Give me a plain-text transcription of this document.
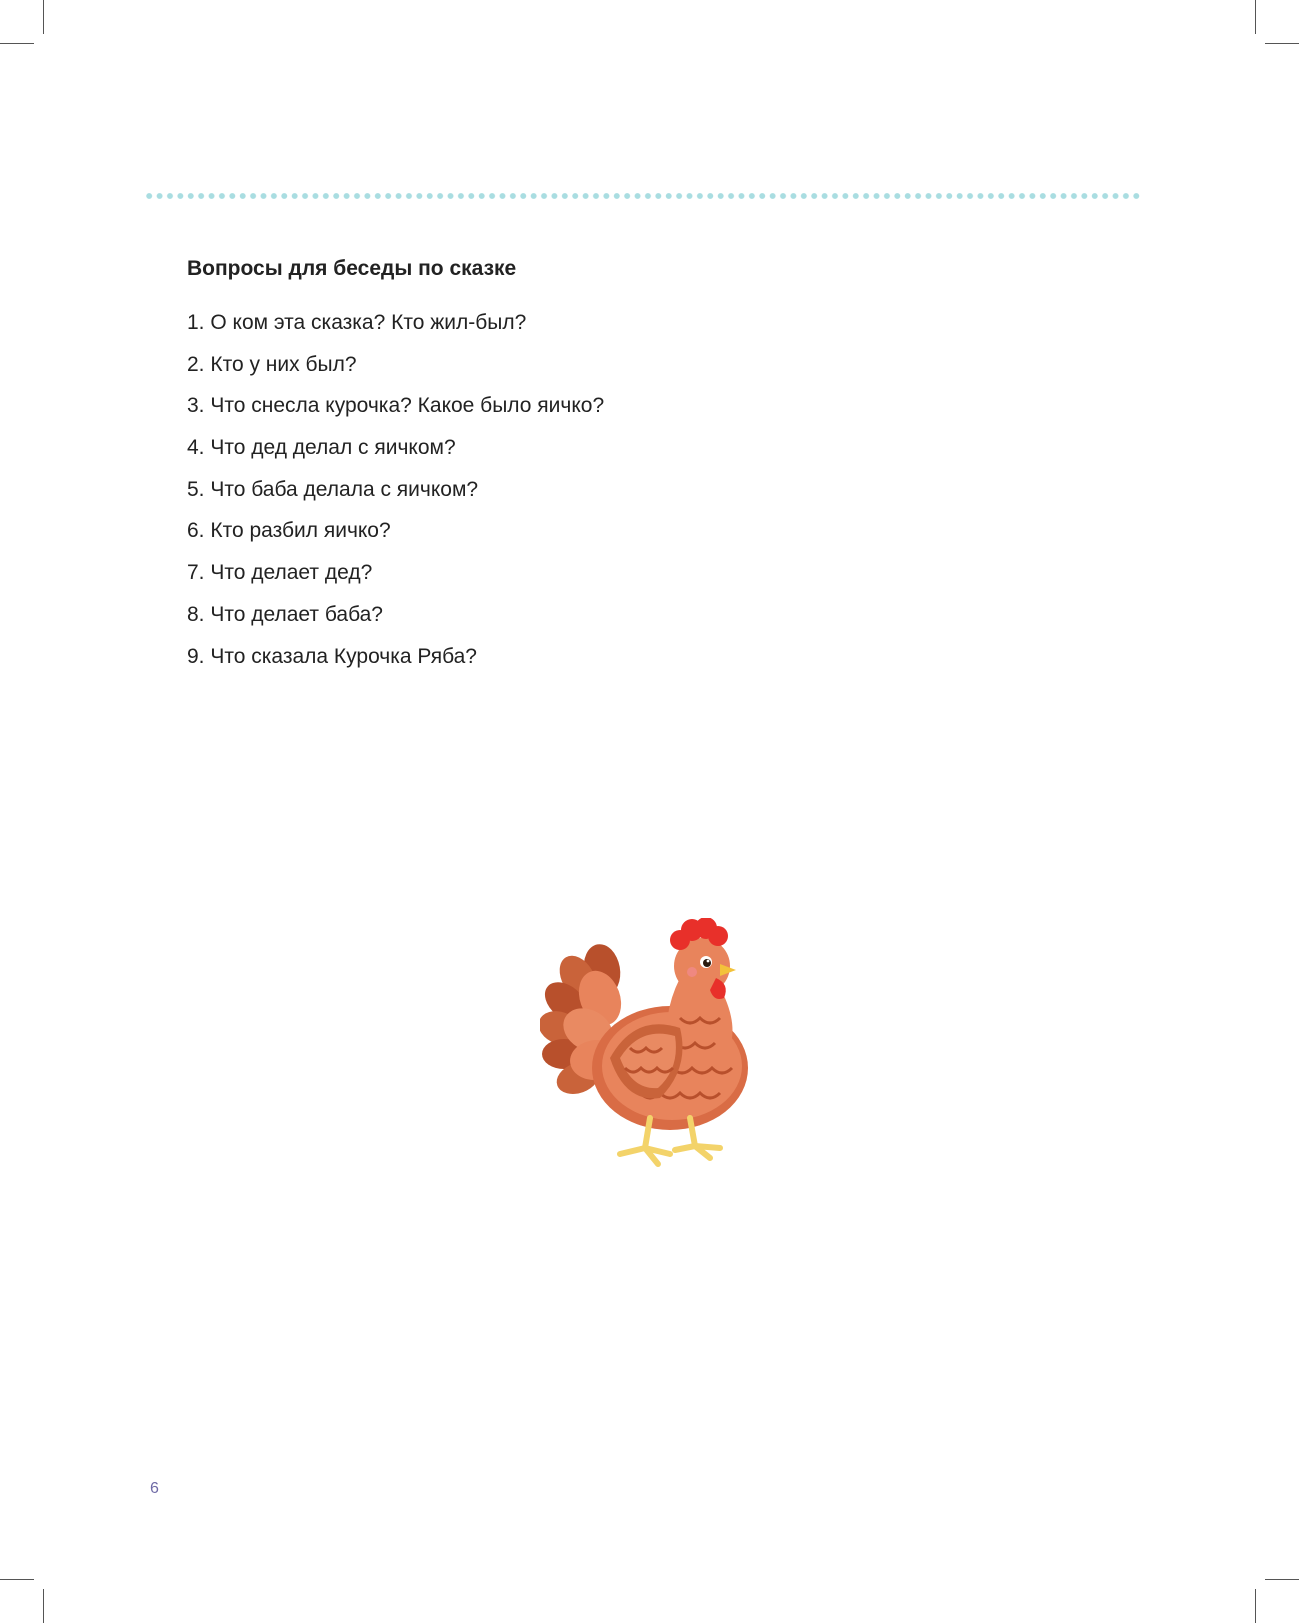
Вопросы для беседы по сказке
1. О ком эта сказка? Кто жил-был?
2. Кто у них был?
3. Что снесла курочка? Какое было яичко?
4. Что дед делал с яичком?
5. Что баба делала с яичком?
6. Кто разбил яичко?
7. Что делает дед?
8. Что делает баба?
9. Что сказала Курочка Ряба?
6
